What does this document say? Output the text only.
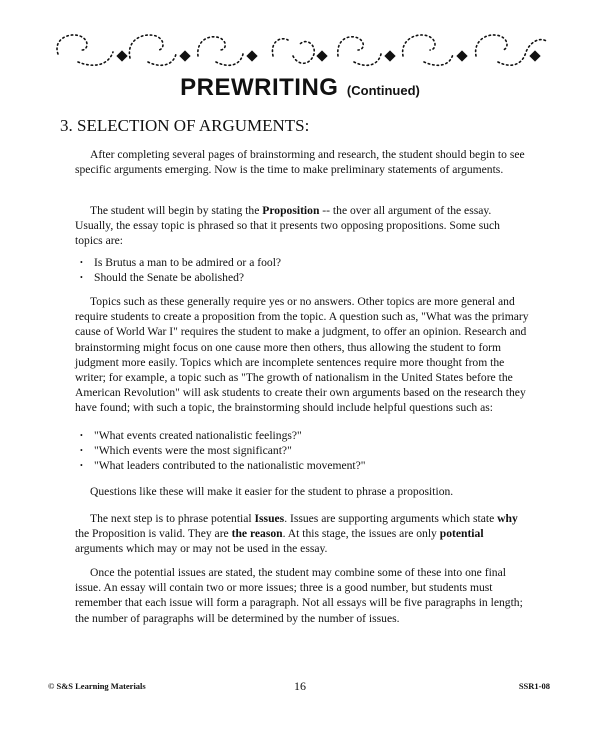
PREWRITING (Continued)
3. SELECTION OF ARGUMENTS:

After completing several pages of brainstorming and research, the student should begin to see specific arguments emerging. Now is the time to make preliminary statements of arguments.

The student will begin by stating the Proposition -- the over all argument of the essay. Usually, the essay topic is phrased so that it presents two opposing propositions. Some such topics are:

• Is Brutus a man to be admired or a fool?
• Should the Senate be abolished?

Topics such as these generally require yes or no answers. Other topics are more general and require students to create a proposition from the topic. A question such as, "What was the primary cause of World War I" requires the student to make a judgment, to offer an opinion. Research and brainstorming might focus on one cause more then others, thus allowing the student to form judgment more easily. Topics which are incomplete sentences require more thought from the writer; for example, a topic such as "The growth of nationalism in the United States before the American Revolution" will ask students to create their own arguments based on the research they have found; with such a topic, the brainstorming should include helpful questions such as:

• "What events created nationalistic feelings?"
• "Which events were the most significant?"
• "What leaders contributed to the nationalistic movement?"

Questions like these will make it easier for the student to phrase a proposition.

The next step is to phrase potential Issues. Issues are supporting arguments which state why the Proposition is valid. They are the reason. At this stage, the issues are only potential arguments which may or may not be used in the essay.

Once the potential issues are stated, the student may combine some of these into one final issue. An essay will contain two or more issues; three is a good number, but students must remember that each issue will form a paragraph. Not all essays will be five paragraphs in length; the number of paragraphs will be determined by the number of issues.

© S&S Learning Materials	16	SSR1-08
